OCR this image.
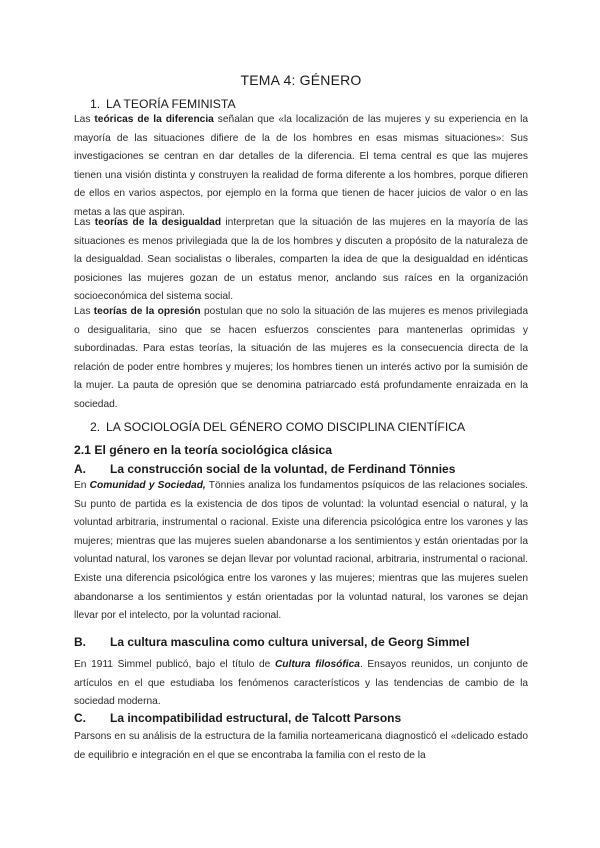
TEMA 4: GÉNERO
1. LA TEORÍA FEMINISTA
Las teóricas de la diferencia señalan que «la localización de las mujeres y su experiencia en la mayoría de las situaciones difiere de la de los hombres en esas mismas situaciones»: Sus investigaciones se centran en dar detalles de la diferencia. El tema central es que las mujeres tienen una visión distinta y construyen la realidad de forma diferente a los hombres, porque difieren de ellos en varios aspectos, por ejemplo en la forma que tienen de hacer juicios de valor o en las metas a las que aspiran.
Las teorías de la desigualdad interpretan que la situación de las mujeres en la mayoría de las situaciones es menos privilegiada que la de los hombres y discuten a propósito de la naturaleza de la desigualdad. Sean socialistas o liberales, comparten la idea de que la desigualdad en idénticas posiciones las mujeres gozan de un estatus menor, anclando sus raíces en la organización socioeconómica del sistema social.
Las teorías de la opresión postulan que no solo la situación de las mujeres es menos privilegiada o desigualitaria, sino que se hacen esfuerzos conscientes para mantenerlas oprimidas y subordinadas. Para estas teorías, la situación de las mujeres es la consecuencia directa de la relación de poder entre hombres y mujeres; los hombres tienen un interés activo por la sumisión de la mujer. La pauta de opresión que se denomina patriarcado está profundamente enraizada en la sociedad.
2. LA SOCIOLOGÍA DEL GÉNERO COMO DISCIPLINA CIENTÍFICA
2.1 El género en la teoría sociológica clásica
A. La construcción social de la voluntad, de Ferdinand Tönnies
En Comunidad y Sociedad, Tönnies analiza los fundamentos psíquicos de las relaciones sociales. Su punto de partida es la existencia de dos tipos de voluntad: la voluntad esencial o natural, y la voluntad arbitraria, instrumental o racional. Existe una diferencia psicológica entre los varones y las mujeres; mientras que las mujeres suelen abandonarse a los sentimientos y están orientadas por la voluntad natural, los varones se dejan llevar por voluntad racional, arbitraria, instrumental o racional. Existe una diferencia psicológica entre los varones y las mujeres; mientras que las mujeres suelen abandonarse a los sentimientos y están orientadas por la voluntad natural, los varones se dejan llevar por el intelecto, por la voluntad racional.
B. La cultura masculina como cultura universal, de Georg Simmel
En 1911 Simmel publicó, bajo el título de Cultura filosófica. Ensayos reunidos, un conjunto de artículos en el que estudiaba los fenómenos característicos y las tendencias de cambio de la sociedad moderna.
C. La incompatibilidad estructural, de Talcott Parsons
Parsons en su análisis de la estructura de la familia norteamericana diagnosticó el «delicado estado de equilibrio e integración en el que se encontraba la familia con el resto de la
